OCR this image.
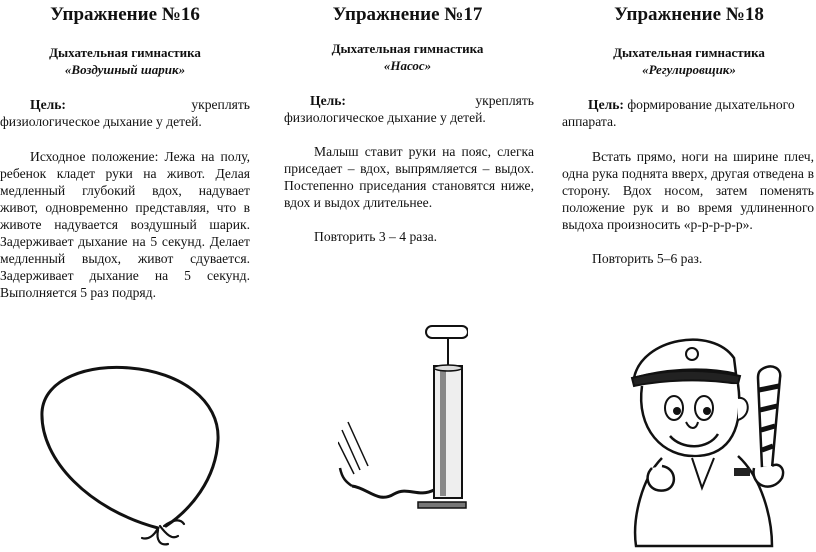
Упражнение №16
Дыхательная гимнастика
«Воздушный шарик»
Цель:	укреплять
физиологическое дыхание у детей.

Исходное положение: Лежа на полу, ребенок кладет руки на живот. Делая медленный глубокий вдох, надувает живот, одновременно представляя, что в животе надувается воздушный шарик. Задерживает дыхание на 5 секунд. Делает медленный выдох, живот сдувается. Задерживает дыхание на 5 секунд. Выполняется 5 раз подряд.

Упражнение №17
Дыхательная гимнастика
«Насос»
Цель:	укреплять
физиологическое дыхание у детей.

Малыш ставит руки на пояс, слегка приседает – вдох, выпрямляется – выдох. Постепенно приседания становятся ниже, вдох и выдох длительнее.

Повторить 3 – 4 раза.

Упражнение №18
Дыхательная гимнастика
«Регулировщик»
Цель: формирование дыхательного аппарата.

Встать прямо, ноги на ширине плеч, одна рука поднята вверх, другая отведена в сторону. Вдох носом, затем поменять положение рук и во время удлиненного выдоха произносить «р-р-р-р-р».

Повторить 5–6 раз.
